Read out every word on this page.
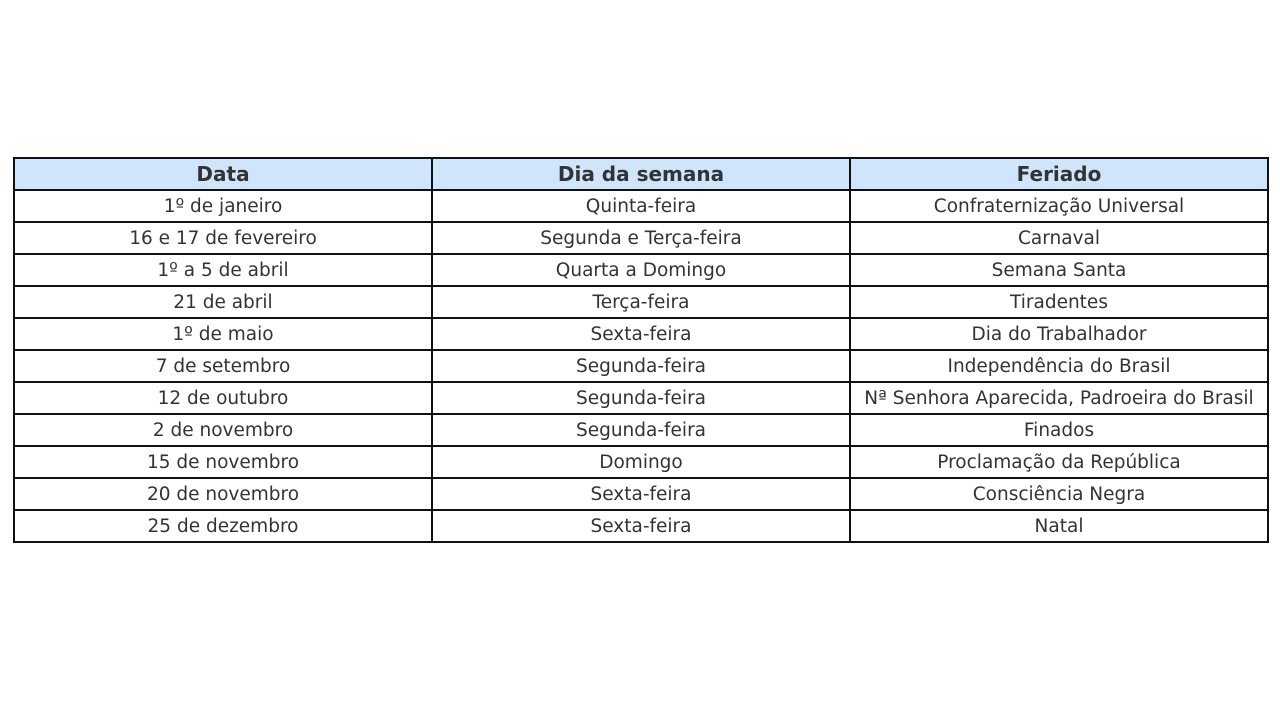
Data	Dia da semana	Feriado
1º de janeiro	Quinta-feira	Confraternização Universal
16 e 17 de fevereiro	Segunda e Terça-feira	Carnaval
1º a 5 de abril	Quarta a Domingo	Semana Santa
21 de abril	Terça-feira	Tiradentes
1º de maio	Sexta-feira	Dia do Trabalhador
7 de setembro	Segunda-feira	Independência do Brasil
12 de outubro	Segunda-feira	Nª Senhora Aparecida, Padroeira do Brasil
2 de novembro	Segunda-feira	Finados
15 de novembro	Domingo	Proclamação da República
20 de novembro	Sexta-feira	Consciência Negra
25 de dezembro	Sexta-feira	Natal
